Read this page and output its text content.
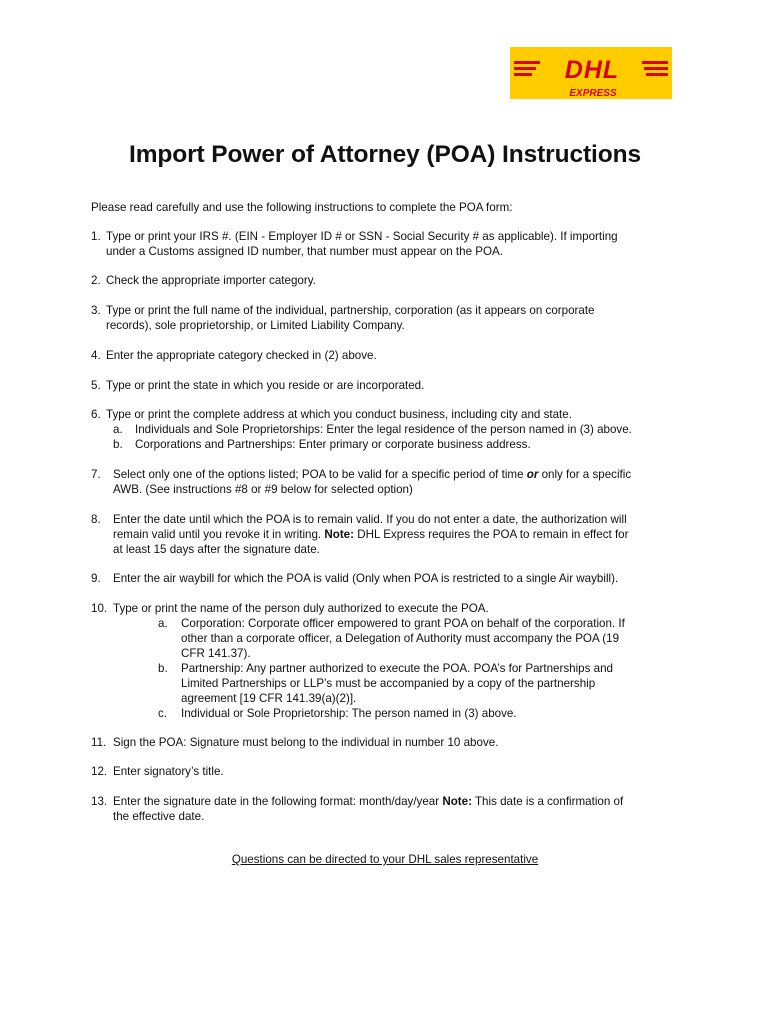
DHL
EXPRESS
Import Power of Attorney (POA) Instructions
Please read carefully and use the following instructions to complete the POA form:
1. Type or print your IRS #. (EIN - Employer ID # or SSN - Social Security # as applicable). If importing
under a Customs assigned ID number, that number must appear on the POA.
2. Check the appropriate importer category.
3. Type or print the full name of the individual, partnership, corporation (as it appears on corporate
records), sole proprietorship, or Limited Liability Company.
4. Enter the appropriate category checked in (2) above.
5. Type or print the state in which you reside or are incorporated.
6. Type or print the complete address at which you conduct business, including city and state.
a. Individuals and Sole Proprietorships: Enter the legal residence of the person named in (3) above.
b. Corporations and Partnerships: Enter primary or corporate business address.
7. Select only one of the options listed; POA to be valid for a specific period of time or only for a specific
AWB. (See instructions #8 or #9 below for selected option)
8. Enter the date until which the POA is to remain valid. If you do not enter a date, the authorization will
remain valid until you revoke it in writing. Note: DHL Express requires the POA to remain in effect for
at least 15 days after the signature date.
9. Enter the air waybill for which the POA is valid (Only when POA is restricted to a single Air waybill).
10. Type or print the name of the person duly authorized to execute the POA.
a. Corporation: Corporate officer empowered to grant POA on behalf of the corporation. If
other than a corporate officer, a Delegation of Authority must accompany the POA (19
CFR 141.37).
b. Partnership: Any partner authorized to execute the POA. POA’s for Partnerships and
Limited Partnerships or LLP’s must be accompanied by a copy of the partnership
agreement [19 CFR 141.39(a)(2)].
c. Individual or Sole Proprietorship: The person named in (3) above.
11. Sign the POA: Signature must belong to the individual in number 10 above.
12. Enter signatory’s title.
13. Enter the signature date in the following format: month/day/year Note: This date is a confirmation of
the effective date.
Questions can be directed to your DHL sales representative
